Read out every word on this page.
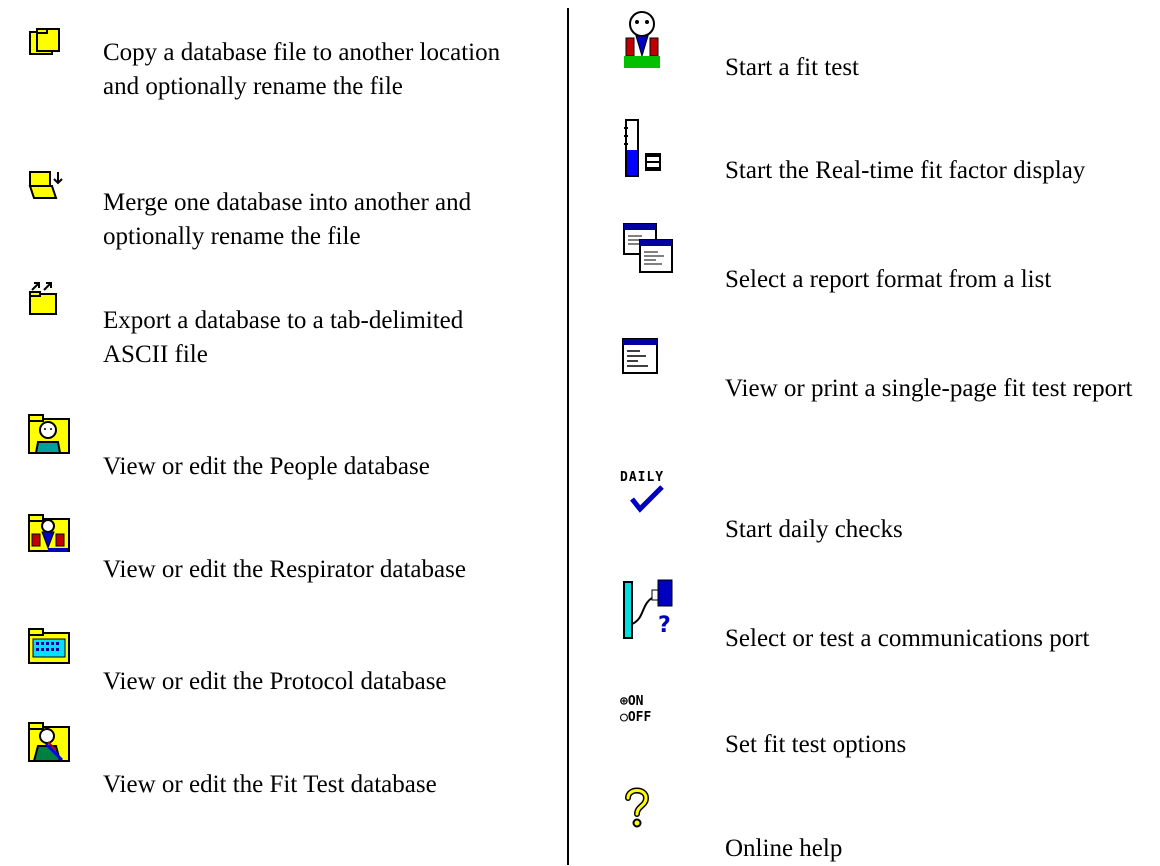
Copy a database file to another location and optionally rename the file
Merge one database into another and optionally rename the file
Export a database to a tab-delimited ASCII file
View or edit the People database
View or edit the Respirator database
View or edit the Protocol database
View or edit the Fit Test database
Start a fit test
Start the Real-time fit factor display
Select a report format from a list
View or print a single-page fit test report
DAILY
Start daily checks
? Select or test a communications port
⊕ON
○OFF
Set fit test options
Online help
